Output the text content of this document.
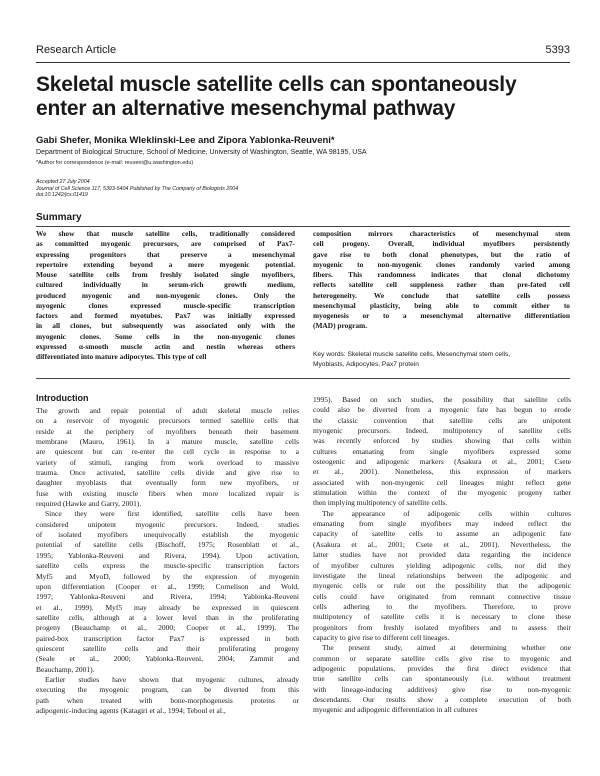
Research Article	5393
Skeletal muscle satellite cells can spontaneously
enter an alternative mesenchymal pathway
Gabi Shefer, Monika Wleklinski-Lee and Zipora Yablonka-Reuveni*
Department of Biological Structure, School of Medicine, University of Washington, Seattle, WA 98195, USA
*Author for correspondence (e-mail: reuveni@u.washington.edu)
Accepted 27 July 2004
Journal of Cell Science 117, 5393-5404 Published by The Company of Biologists 2004
doi:10.1242/jcs.01419
Summary
We show that muscle satellite cells, traditionally considered
as committed myogenic precursors, are comprised of Pax7-
expressing progenitors that preserve a mesenchymal
repertoire extending beyond a mere myogenic potential.
Mouse satellite cells from freshly isolated single myofibers,
cultured individually in serum-rich growth medium,
produced myogenic and non-myogenic clones. Only the
myogenic clones expressed muscle-specific transcription
factors and formed myotubes. Pax7 was initially expressed
in all clones, but subsequently was associated only with the
myogenic clones. Some cells in the non-myogenic clones
expressed α-smooth muscle actin and nestin whereas others
differentiated into mature adipocytes. This type of cell
composition mirrors characteristics of mesenchymal stem
cell progeny. Overall, individual myofibers persistently
gave rise to both clonal phenotypes, but the ratio of
myogenic to non-myogenic clones randomly varied among
fibers. This randomness indicates that clonal dichotomy
reflects satellite cell suppleness rather than pre-fated cell
heterogeneity. We conclude that satellite cells possess
mesenchymal plasticity, being able to commit either to
myogenesis or to a mesenchymal alternative differentiation
(MAD) program.
Key words: Skeletal muscle satellite cells, Mesenchymal stem cells,
Myoblasts, Adipocytes, Pax7 protein
Introduction
The growth and repair potential of adult skeletal muscle relies
on a reservoir of myogenic precursors termed satellite cells that
reside at the periphery of myofibers beneath their basement
membrane (Mauro, 1961). In a mature muscle, satellite cells
are quiescent but can re-enter the cell cycle in response to a
variety of stimuli, ranging from work overload to massive
trauma. Once activated, satellite cells divide and give rise to
daughter myoblasts that eventually form new myofibers, or
fuse with existing muscle fibers when more localized repair is
required (Hawke and Garry, 2001).
Since they were first identified, satellite cells have been
considered unipotent myogenic precursors. Indeed, studies
of isolated myofibers unequivocally establish the myogenic
potential of satellite cells (Bischoff, 1975; Rosenblatt et al.,
1995; Yablonka-Reuveni and Rivera, 1994). Upon activation,
satellite cells express the muscle-specific transcription factors
Myf5 and MyoD, followed by the expression of myogenin
upon differentiation (Cooper et al., 1999; Cornelison and Wold,
1997; Yablonka-Reuveni and Rivera, 1994; Yablonka-Reuveni
et al., 1999). Myf5 may already be expressed in quiescent
satellite cells, although at a lower level than in the proliferating
progeny (Beauchamp et al., 2000; Cooper et al., 1999). The
paired-box transcription factor Pax7 is expressed in both
quiescent satellite cells and their proliferating progeny
(Seale et al., 2000; Yablonka-Reuveni, 2004; Zammit and
Beauchamp, 2001).
Earlier studies have shown that myogenic cultures, already
executing the myogenic program, can be diverted from this
path when treated with bone-morphogenesis proteins or
adipogenic-inducing agents (Katagiri et al., 1994; Teboul et al.,
1995). Based on such studies, the possibility that satellite cells
could also be diverted from a myogenic fate has begun to erode
the classic convention that satellite cells are unipotent
myogenic precursors. Indeed, multipotency of satellite cells
was recently enforced by studies showing that cells within
cultures emanating from single myofibers expressed some
osteogenic and adipogenic markers (Asakura et al., 2001; Csete
et al., 2001). Nonetheless, this expression of markers
associated with non-myogenic cell lineages might reflect gene
stimulation within the context of the myogenic progeny rather
then implying multipotency of satellite cells.
The appearance of adipogenic cells within cultures
emanating from single myofibers may indeed reflect the
capacity of satellite cells to assume an adipogenic fate
(Asakura et al., 2001; Csete et al., 2001). Nevertheless, the
latter studies have not provided data regarding the incidence
of myofiber cultures yielding adipogenic cells, nor did they
investigate the lineal relationships between the adipogenic and
myogenic cells or rule out the possibility that the adipogenic
cells could have originated from remnant connective tissue
cells adhering to the myofibers. Therefore, to prove
multipotency of satellite cells it is necessary to clone these
progenitors from freshly isolated myofibers and to assess their
capacity to give rise to different cell lineages.
The present study, aimed at determining whether one
common or separate satellite cells give rise to myogenic and
adipogenic populations, provides the first direct evidence that
true satellite cells can spontaneously (i.e. without treatment
with lineage-inducing additives) give rise to non-myogenic
descendants. Our results show a complete execution of both
myogenic and adipogenic differentiation in all cultures
